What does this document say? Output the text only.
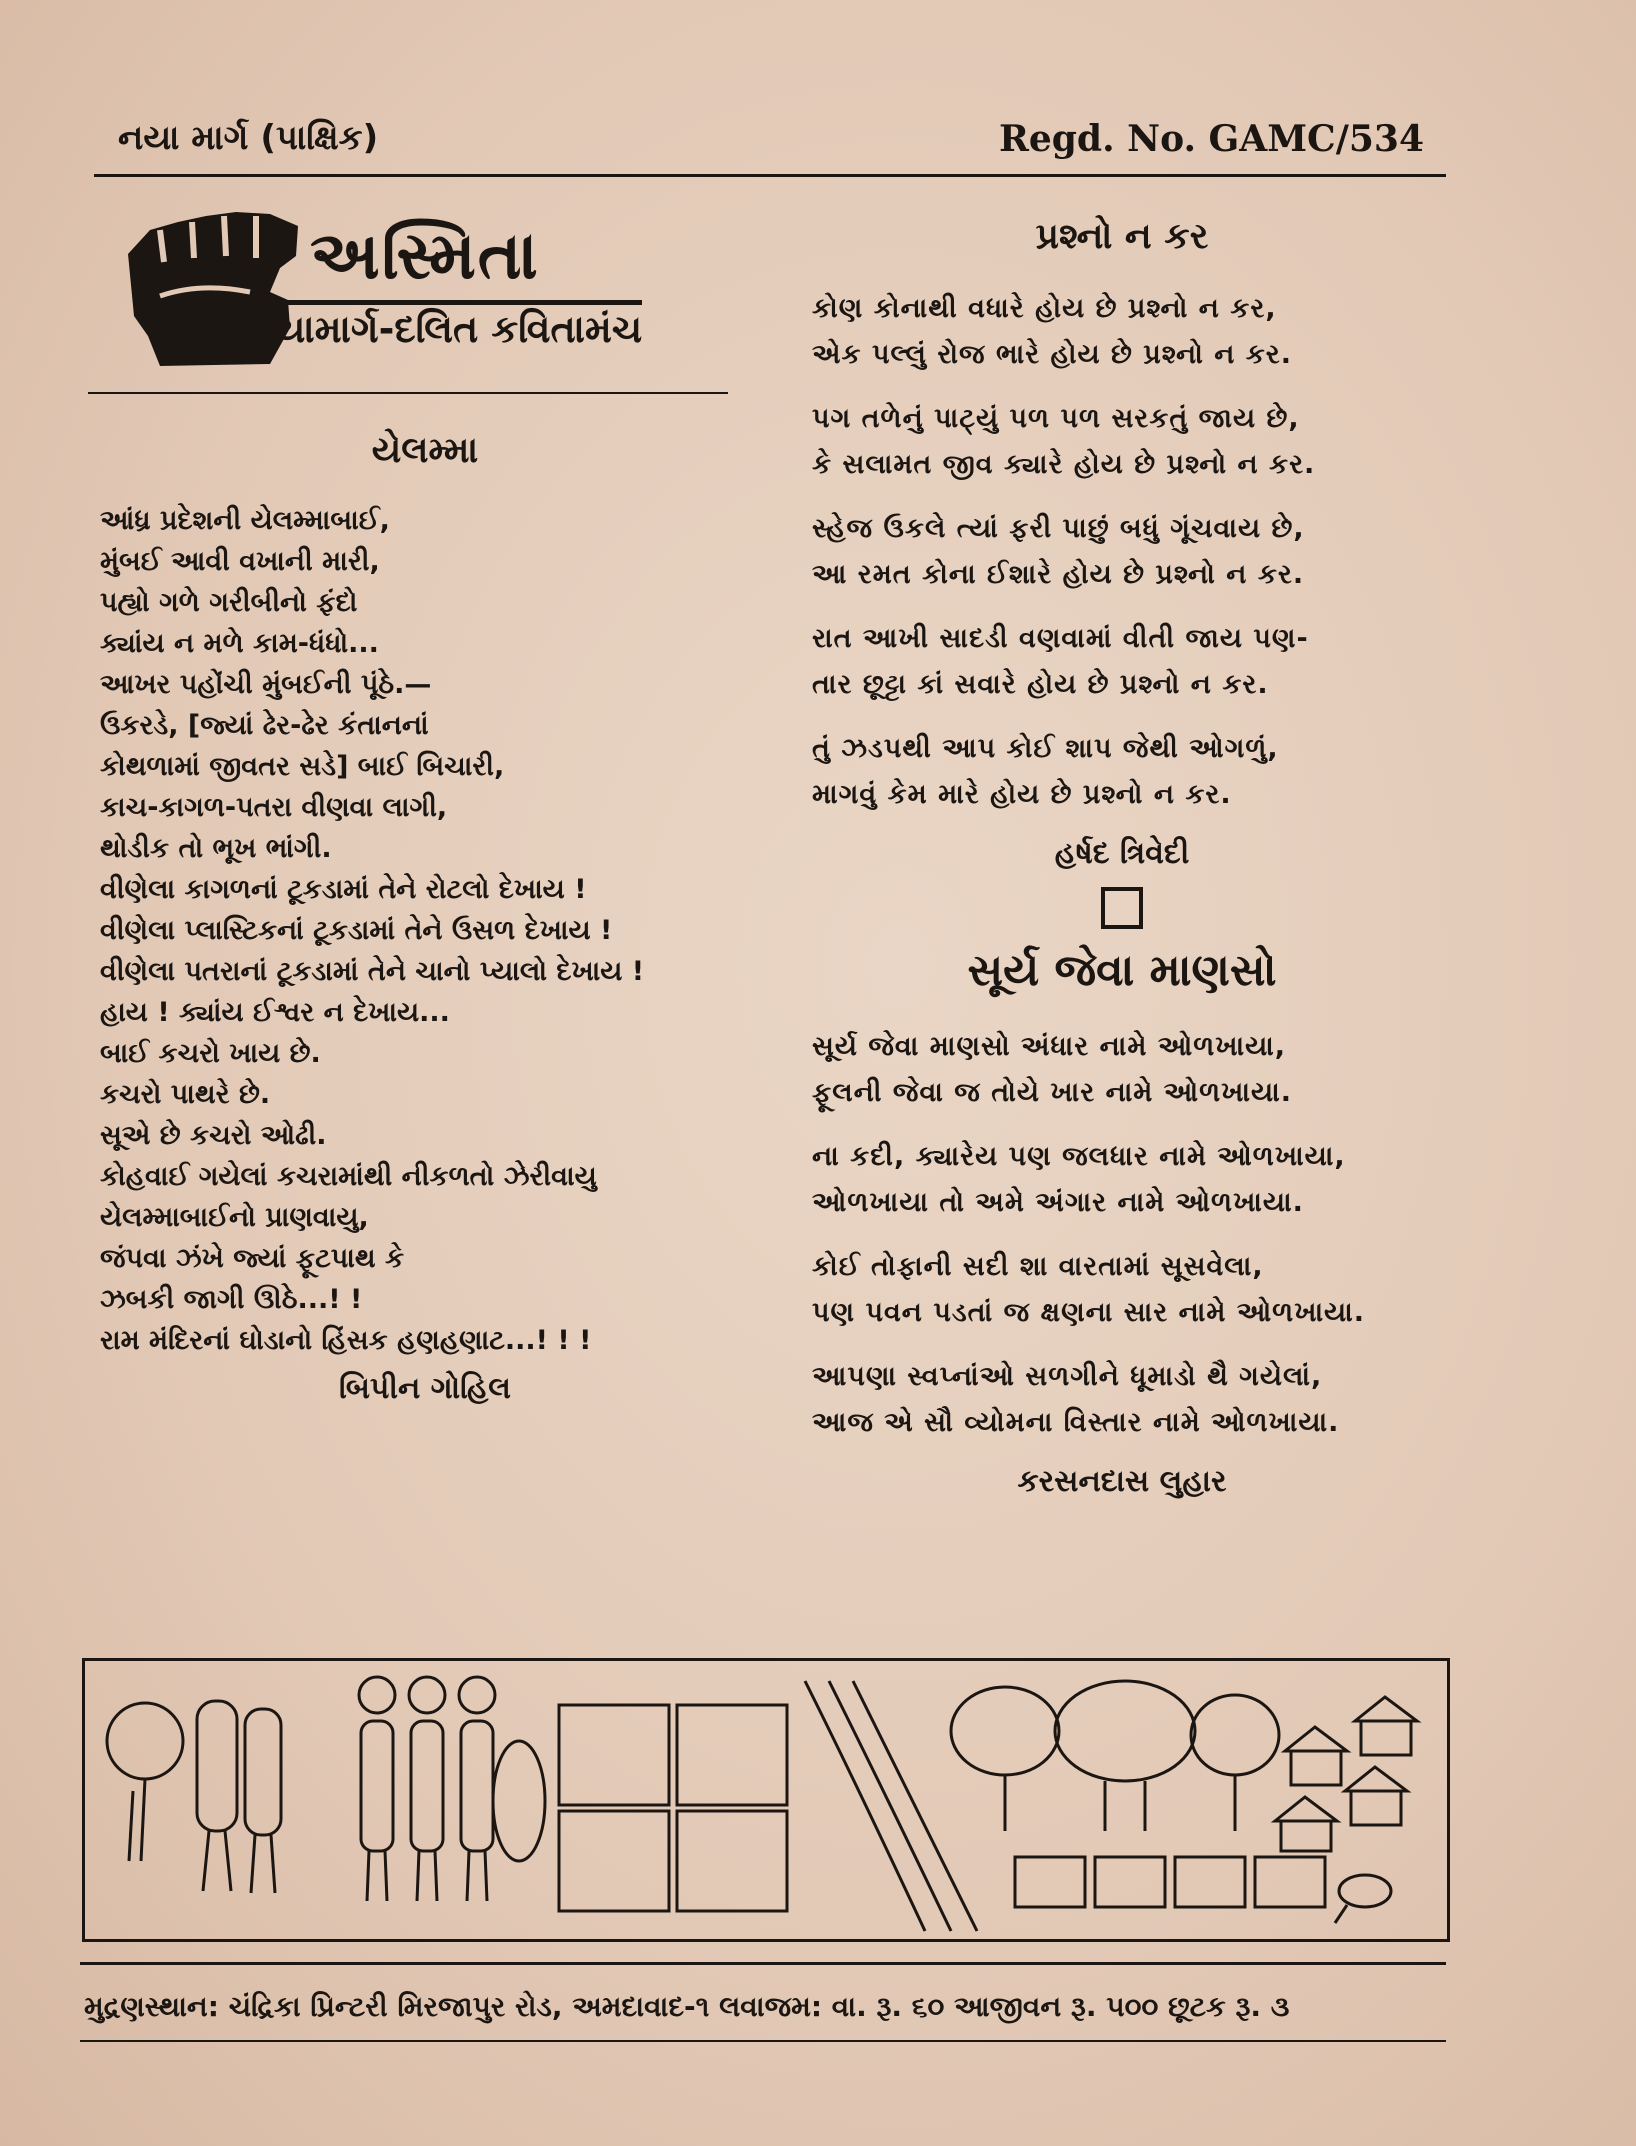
નયા માર્ગ (પાક્ષિક)	Regd. No. GAMC/534
અસ્મિતા
નયામાર્ગ-દલિત કવિતામંચ
યેલમ્મા
આંધ્ર પ્રદેશની યેલમ્માબાઈ,
મુંબઈ આવી વખાની મારી,
પહ્યો ગળે ગરીબીનો ફંદો
ક્યાંય ન મળે કામ-ધંધો...
આખર પહોંચી મુંબઈની પૂંઠે.—
ઉકરડે, [જ્યાં ઢેર-ઢેર કંતાનનાં
કોથળામાં જીવતર સડે] બાઈ બિચારી,
કાચ-કાગળ-પતરા વીણવા લાગી,
થોડીક તો ભૂખ ભાંગી.
વીણેલા કાગળનાં ટૂકડામાં તેને રોટલો દેખાય !
વીણેલા પ્લાસ્ટિકનાં ટૂકડામાં તેને ઉસળ દેખાય !
વીણેલા પતરાનાં ટૂકડામાં તેને ચાનો પ્યાલો દેખાય !
હાય ! ક્યાંય ઈશ્વર ન દેખાય...
બાઈ કચરો ખાય છે.
કચરો પાથરે છે.
સૂએ છે કચરો ઓઢી.
કોહવાઈ ગયેલાં કચરામાંથી નીકળતો ઝેરીવાયુ
યેલમ્માબાઈનો પ્રાણવાયુ,
જંપવા ઝંખે જ્યાં ફૂટપાથ કે
ઝબકી જાગી ઊઠે...! !
રામ મંદિરનાં ઘોડાનો હિંસક હણહણાટ...! ! !
બિપીન ગોહિલ
પ્રશ્નો ન કર
કોણ કોનાથી વધારે હોય છે પ્રશ્નો ન કર,
એક પલ્લું રોજ ભારે હોય છે પ્રશ્નો ન કર.
પગ તળેનું પાટ્યું પળ પળ સરકતું જાય છે,
કે સલામત જીવ ક્યારે હોય છે પ્રશ્નો ન કર.
સ્હેજ ઉકલે ત્યાં ફરી પાછું બધું ગૂંચવાય છે,
આ રમત કોના ઈશારે હોય છે પ્રશ્નો ન કર.
રાત આખી સાદડી વણવામાં વીતી જાય પણ-
તાર છૂટ્ટા કાં સવારે હોય છે પ્રશ્નો ન કર.
તું ઝડપથી આપ કોઈ શાપ જેથી ઓગળું,
માગવું કેમ મારે હોય છે પ્રશ્નો ન કર.
હર્ષદ ત્રિવેદી
સૂર્ય જેવા માણસો
સૂર્ય જેવા માણસો અંધાર નામે ઓળખાયા,
ફૂલની જેવા જ તોયે ખાર નામે ઓળખાયા.
ના કદી, ક્યારેય પણ જલધાર નામે ઓળખાયા,
ઓળખાયા તો અમે અંગાર નામે ઓળખાયા.
કોઈ તોફાની સદી શા વારતામાં સૂસવેલા,
પણ પવન પડતાં જ ક્ષણના સાર નામે ઓળખાયા.
આપણા સ્વપ્નાંઓ સળગીને ધૂમાડો થૈ ગયેલાં,
આજ એ સૌ વ્યોમના વિસ્તાર નામે ઓળખાયા.
કરસનદાસ લુહાર
મુદ્રણસ્થાન: ચંદ્રિકા પ્રિન્ટરી મિરજાપુર રોડ, અમદાવાદ-૧ લવાજમ: વા. રૂ. ૬૦ આજીવન રૂ. ૫૦૦ છૂટક રૂ. ૩
